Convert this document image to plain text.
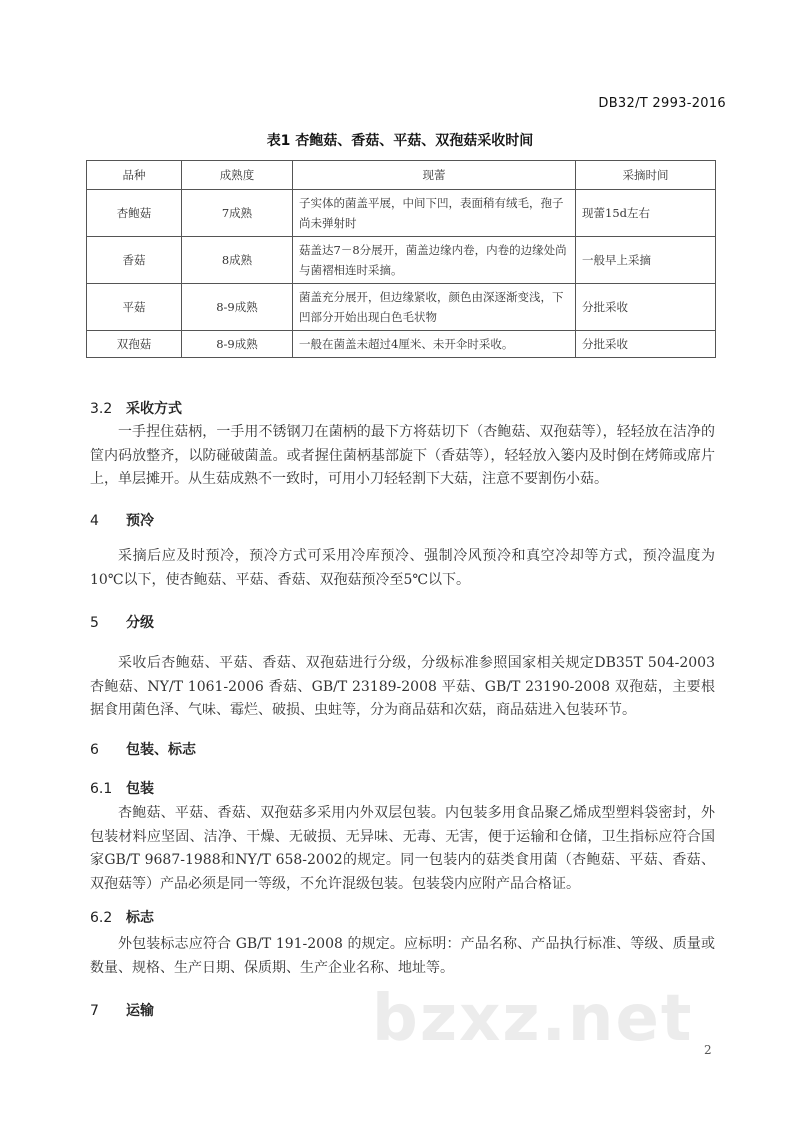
DB32/T 2993-2016
表1 杏鲍菇、香菇、平菇、双孢菇采收时间
品种	成熟度	现蕾	采摘时间
杏鲍菇	7成熟	子实体的菌盖平展，中间下凹，表面稍有绒毛，孢子尚未弹射时	现蕾15d左右
香菇	8成熟	菇盖达7－8分展开，菌盖边缘内卷，内卷的边缘处尚与菌褶相连时采摘。	一般早上采摘
平菇	8-9成熟	菌盖充分展开，但边缘紧收，颜色由深逐渐变浅，下凹部分开始出现白色毛状物	分批采收
双孢菇	8-9成熟	一般在菌盖未超过4厘米、未开伞时采收。	分批采收
3.2 采收方式
一手捏住菇柄，一手用不锈钢刀在菌柄的最下方将菇切下（杏鲍菇、双孢菇等），轻轻放在洁净的筐内码放整齐，以防碰破菌盖。或者握住菌柄基部旋下（香菇等），轻轻放入篓内及时倒在烤筛或席片上，单层摊开。从生菇成熟不一致时，可用小刀轻轻割下大菇，注意不要割伤小菇。
4 预冷
采摘后应及时预冷，预冷方式可采用冷库预冷、强制冷风预冷和真空冷却等方式，预冷温度为10℃以下，使杏鲍菇、平菇、香菇、双孢菇预冷至5℃以下。
5 分级
采收后杏鲍菇、平菇、香菇、双孢菇进行分级，分级标准参照国家相关规定DB35T 504-2003 杏鲍菇、NY/T 1061-2006 香菇、GB/T 23189-2008 平菇、GB/T 23190-2008 双孢菇，主要根据食用菌色泽、气味、霉烂、破损、虫蛀等，分为商品菇和次菇，商品菇进入包装环节。
6 包装、标志
6.1 包装
杏鲍菇、平菇、香菇、双孢菇多采用内外双层包装。内包装多用食品聚乙烯成型塑料袋密封，外包装材料应坚固、洁净、干燥、无破损、无异味、无毒、无害，便于运输和仓储，卫生指标应符合国家GB/T 9687-1988和NY/T 658-2002的规定。同一包装内的菇类食用菌（杏鲍菇、平菇、香菇、双孢菇等）产品必须是同一等级，不允许混级包装。包装袋内应附产品合格证。
6.2 标志
外包装标志应符合 GB/T 191-2008 的规定。应标明：产品名称、产品执行标准、等级、质量或数量、规格、生产日期、保质期、生产企业名称、地址等。
7 运输	bzxz.net 2
